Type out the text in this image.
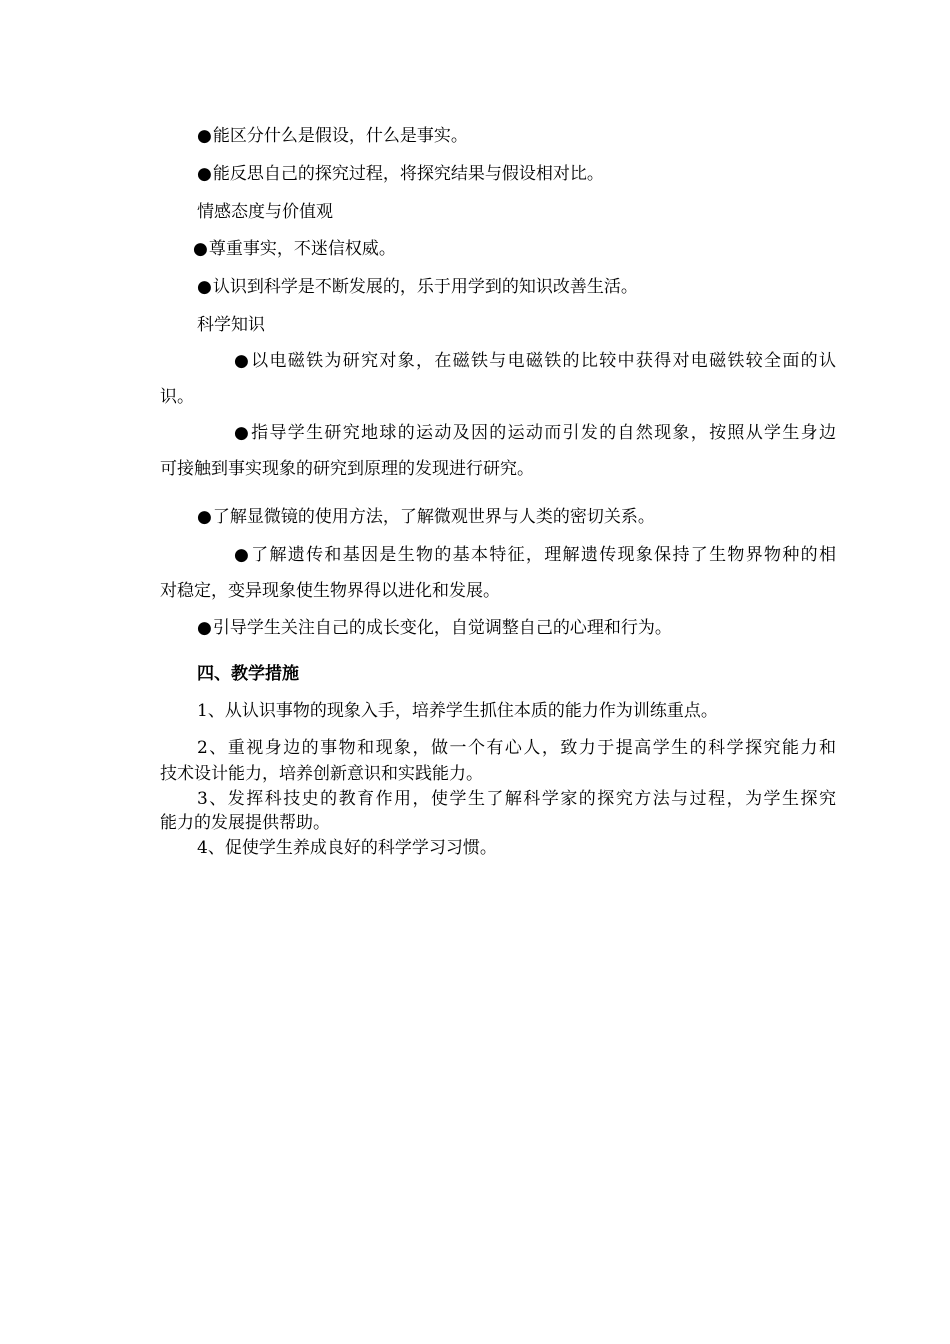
●能区分什么是假设，什么是事实。
●能反思自己的探究过程，将探究结果与假设相对比。
情感态度与价值观
●尊重事实，不迷信权威。
●认识到科学是不断发展的，乐于用学到的知识改善生活。
科学知识
●以电磁铁为研究对象，在磁铁与电磁铁的比较中获得对电磁铁较全面的认
识。
●指导学生研究地球的运动及因的运动而引发的自然现象，按照从学生身边
可接触到事实现象的研究到原理的发现进行研究。
●了解显微镜的使用方法，了解微观世界与人类的密切关系。
●了解遗传和基因是生物的基本特征，理解遗传现象保持了生物界物种的相
对稳定，变异现象使生物界得以进化和发展。
●引导学生关注自己的成长变化，自觉调整自己的心理和行为。
四、教学措施
1、从认识事物的现象入手，培养学生抓住本质的能力作为训练重点。
2、重视身边的事物和现象，做一个有心人，致力于提高学生的科学探究能力和
技术设计能力，培养创新意识和实践能力。
3、发挥科技史的教育作用，使学生了解科学家的探究方法与过程，为学生探究
能力的发展提供帮助。
4、促使学生养成良好的科学学习习惯。
